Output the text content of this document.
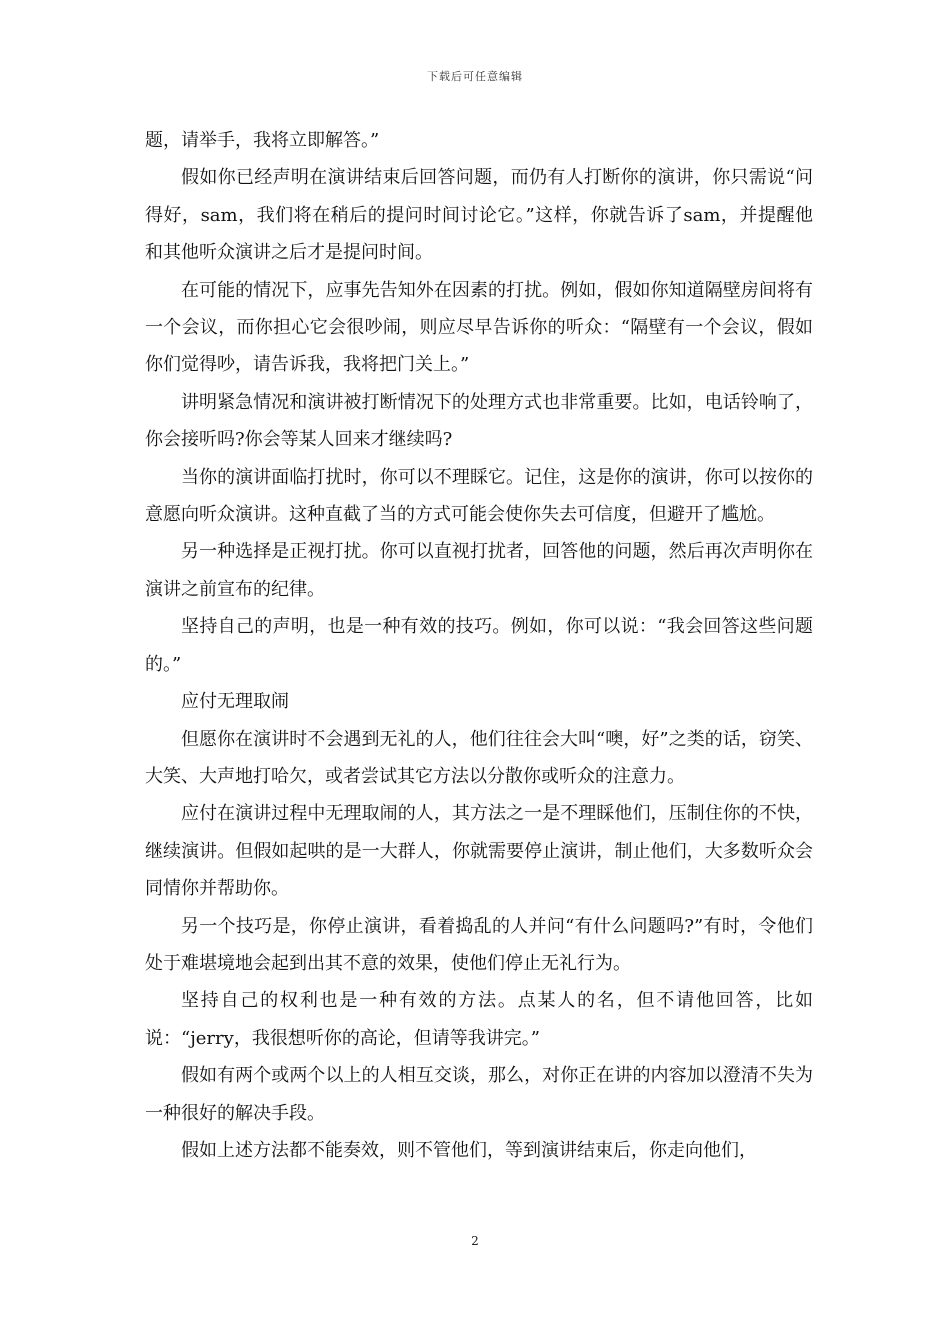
下载后可任意编辑

题，请举手，我将立即解答。”

假如你已经声明在演讲结束后回答问题，而仍有人打断你的演讲，你只需说“问得好，sam，我们将在稍后的提问时间讨论它。”这样，你就告诉了sam，并提醒他和其他听众演讲之后才是提问时间。

在可能的情况下，应事先告知外在因素的打扰。例如，假如你知道隔壁房间将有一个会议，而你担心它会很吵闹，则应尽早告诉你的听众：“隔壁有一个会议，假如你们觉得吵，请告诉我，我将把门关上。”

讲明紧急情况和演讲被打断情况下的处理方式也非常重要。比如，电话铃响了，你会接听吗?你会等某人回来才继续吗?

当你的演讲面临打扰时，你可以不理睬它。记住，这是你的演讲，你可以按你的意愿向听众演讲。这种直截了当的方式可能会使你失去可信度，但避开了尴尬。

另一种选择是正视打扰。你可以直视打扰者，回答他的问题，然后再次声明你在演讲之前宣布的纪律。

坚持自己的声明，也是一种有效的技巧。例如，你可以说：“我会回答这些问题的。”

应付无理取闹

但愿你在演讲时不会遇到无礼的人，他们往往会大叫“噢，好”之类的话，窃笑、大笑、大声地打哈欠，或者尝试其它方法以分散你或听众的注意力。

应付在演讲过程中无理取闹的人，其方法之一是不理睬他们，压制住你的不快，继续演讲。但假如起哄的是一大群人，你就需要停止演讲，制止他们，大多数听众会同情你并帮助你。

另一个技巧是，你停止演讲，看着捣乱的人并问“有什么问题吗?”有时，令他们处于难堪境地会起到出其不意的效果，使他们停止无礼行为。

坚持自己的权利也是一种有效的方法。点某人的名，但不请他回答，比如说：“jerry，我很想听你的高论，但请等我讲完。”

假如有两个或两个以上的人相互交谈，那么，对你正在讲的内容加以澄清不失为一种很好的解决手段。

假如上述方法都不能奏效，则不管他们，等到演讲结束后，你走向他们，

2
